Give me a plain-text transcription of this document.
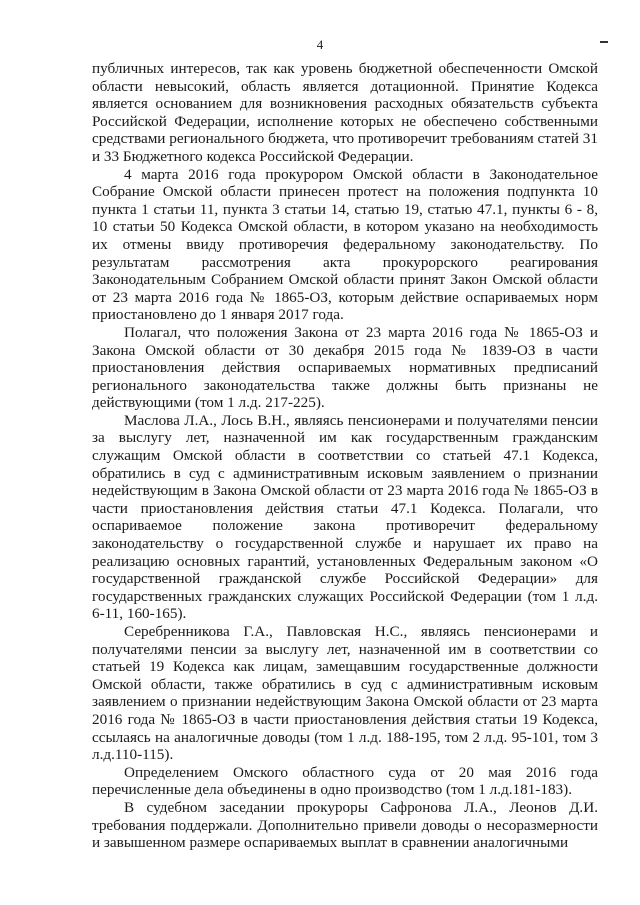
4

публичных интересов, так как уровень бюджетной обеспеченности Омской области невысокий, область является дотационной. Принятие Кодекса является основанием для возникновения расходных обязательств субъекта Российской Федерации, исполнение которых не обеспечено собственными средствами регионального бюджета, что противоречит требованиям статей 31 и 33 Бюджетного кодекса Российской Федерации.

4 марта 2016 года прокурором Омской области в Законодательное Собрание Омской области принесен протест на положения подпункта 10 пункта 1 статьи 11, пункта 3 статьи 14, статью 19, статью 47.1, пункты 6 - 8, 10 статьи 50 Кодекса Омской области, в котором указано на необходимость их отмены ввиду противоречия федеральному законодательству. По результатам рассмотрения акта прокурорского реагирования Законодательным Собранием Омской области принят Закон Омской области от 23 марта 2016 года № 1865-ОЗ, которым действие оспариваемых норм приостановлено до 1 января 2017 года.

Полагал, что положения Закона от 23 марта 2016 года № 1865-ОЗ и Закона Омской области от 30 декабря 2015 года № 1839-ОЗ в части приостановления действия оспариваемых нормативных предписаний регионального законодательства также должны быть признаны не действующими (том 1 л.д. 217-225).

Маслова Л.А., Лось В.Н., являясь пенсионерами и получателями пенсии за выслугу лет, назначенной им как государственным гражданским служащим Омской области в соответствии со статьей 47.1 Кодекса, обратились в суд с административным исковым заявлением о признании недействующим в Закона Омской области от 23 марта 2016 года № 1865-ОЗ в части приостановления действия статьи 47.1 Кодекса. Полагали, что оспариваемое положение закона противоречит федеральному законодательству о государственной службе и нарушает их право на реализацию основных гарантий, установленных Федеральным законом «О государственной гражданской службе Российской Федерации» для государственных гражданских служащих Российской Федерации (том 1 л.д. 6-11, 160-165).

Серебренникова Г.А., Павловская Н.С., являясь пенсионерами и получателями пенсии за выслугу лет, назначенной им в соответствии со статьей 19 Кодекса как лицам, замещавшим государственные должности Омской области, также обратились в суд с административным исковым заявлением о признании недействующим Закона Омской области от 23 марта 2016 года № 1865-ОЗ в части приостановления действия статьи 19 Кодекса, ссылаясь на аналогичные доводы (том 1 л.д. 188-195, том 2 л.д. 95-101, том 3 л.д.110-115).

Определением Омского областного суда от 20 мая 2016 года перечисленные дела объединены в одно производство (том 1 л.д.181-183).

В судебном заседании прокуроры Сафронова Л.А., Леонов Д.И. требования поддержали. Дополнительно привели доводы о несоразмерности и завышенном размере оспариваемых выплат в сравнении аналогичными
